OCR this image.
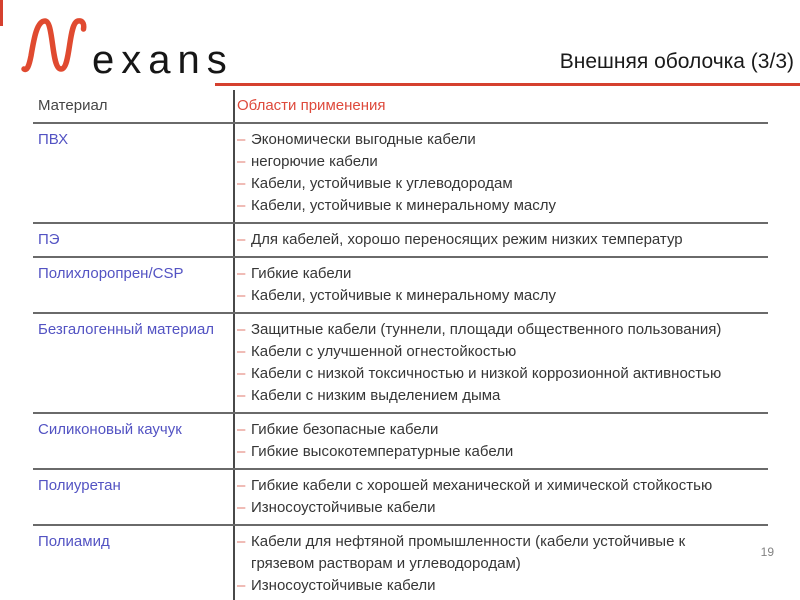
exans	Внешняя оболочка (3/3)
Материал	Области применения
ПВХ	– Экономически выгодные кабели
– негорючие кабели
– Кабели, устойчивые к углеводородам
– Кабели, устойчивые к минеральному маслу
ПЭ	– Для кабелей, хорошо переносящих режим низких температур
Полихлоропрен/CSP	– Гибкие кабели
– Кабели, устойчивые к минеральному маслу
Безгалогенный материал	– Защитные кабели (туннели, площади общественного пользования)
– Кабели с улучшенной огнестойкостью
– Кабели с низкой токсичностью и низкой коррозионной активностью
– Кабели с низким выделением дыма
Силиконовый каучук	– Гибкие безопасные кабели
– Гибкие высокотемпературные кабели
Полиуретан	– Гибкие кабели с хорошей механической и химической стойкостью
– Износоустойчивые кабели
Полиамид	– Кабели для нефтяной промышленности (кабели устойчивые к грязевом растворам и углеводородам)
– Износоустойчивые кабели
19
